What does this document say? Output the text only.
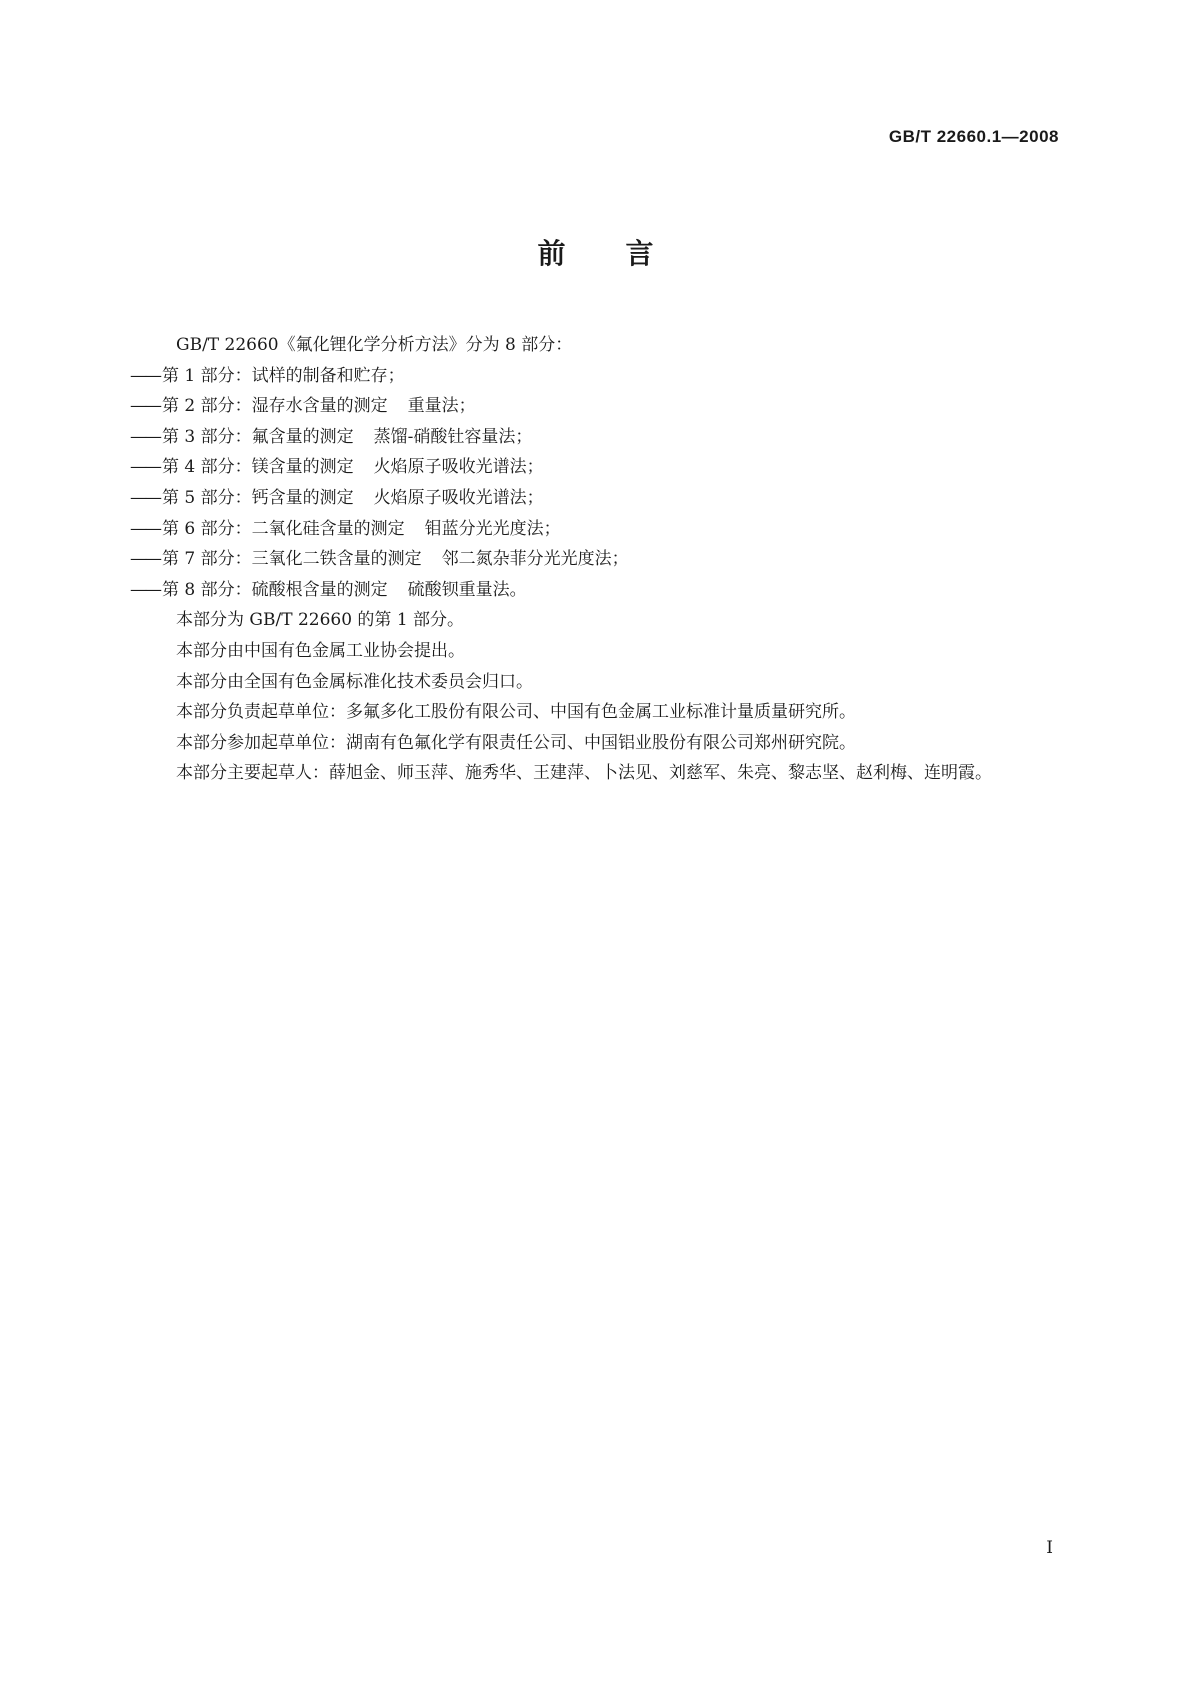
GB/T 22660.1—2008
前言

GB/T 22660《氟化锂化学分析方法》分为 8 部分：

—— 第 1 部分：试样的制备和贮存；

—— 第 2 部分：湿存水含量的测定 重量法；

—— 第 3 部分：氟含量的测定 蒸馏-硝酸钍容量法；

—— 第 4 部分：镁含量的测定 火焰原子吸收光谱法；

—— 第 5 部分：钙含量的测定 火焰原子吸收光谱法；

—— 第 6 部分：二氧化硅含量的测定 钼蓝分光光度法；

—— 第 7 部分：三氧化二铁含量的测定 邻二氮杂菲分光光度法；

—— 第 8 部分：硫酸根含量的测定 硫酸钡重量法。

本部分为 GB/T 22660 的第 1 部分。

本部分由中国有色金属工业协会提出。

本部分由全国有色金属标准化技术委员会归口。

本部分负责起草单位：多氟多化工股份有限公司、中国有色金属工业标准计量质量研究所。

本部分参加起草单位：湖南有色氟化学有限责任公司、中国铝业股份有限公司郑州研究院。

本部分主要起草人：薛旭金、师玉萍、施秀华、王建萍、卜法见、刘慈军、朱亮、黎志坚、赵利梅、连明霞。

I
